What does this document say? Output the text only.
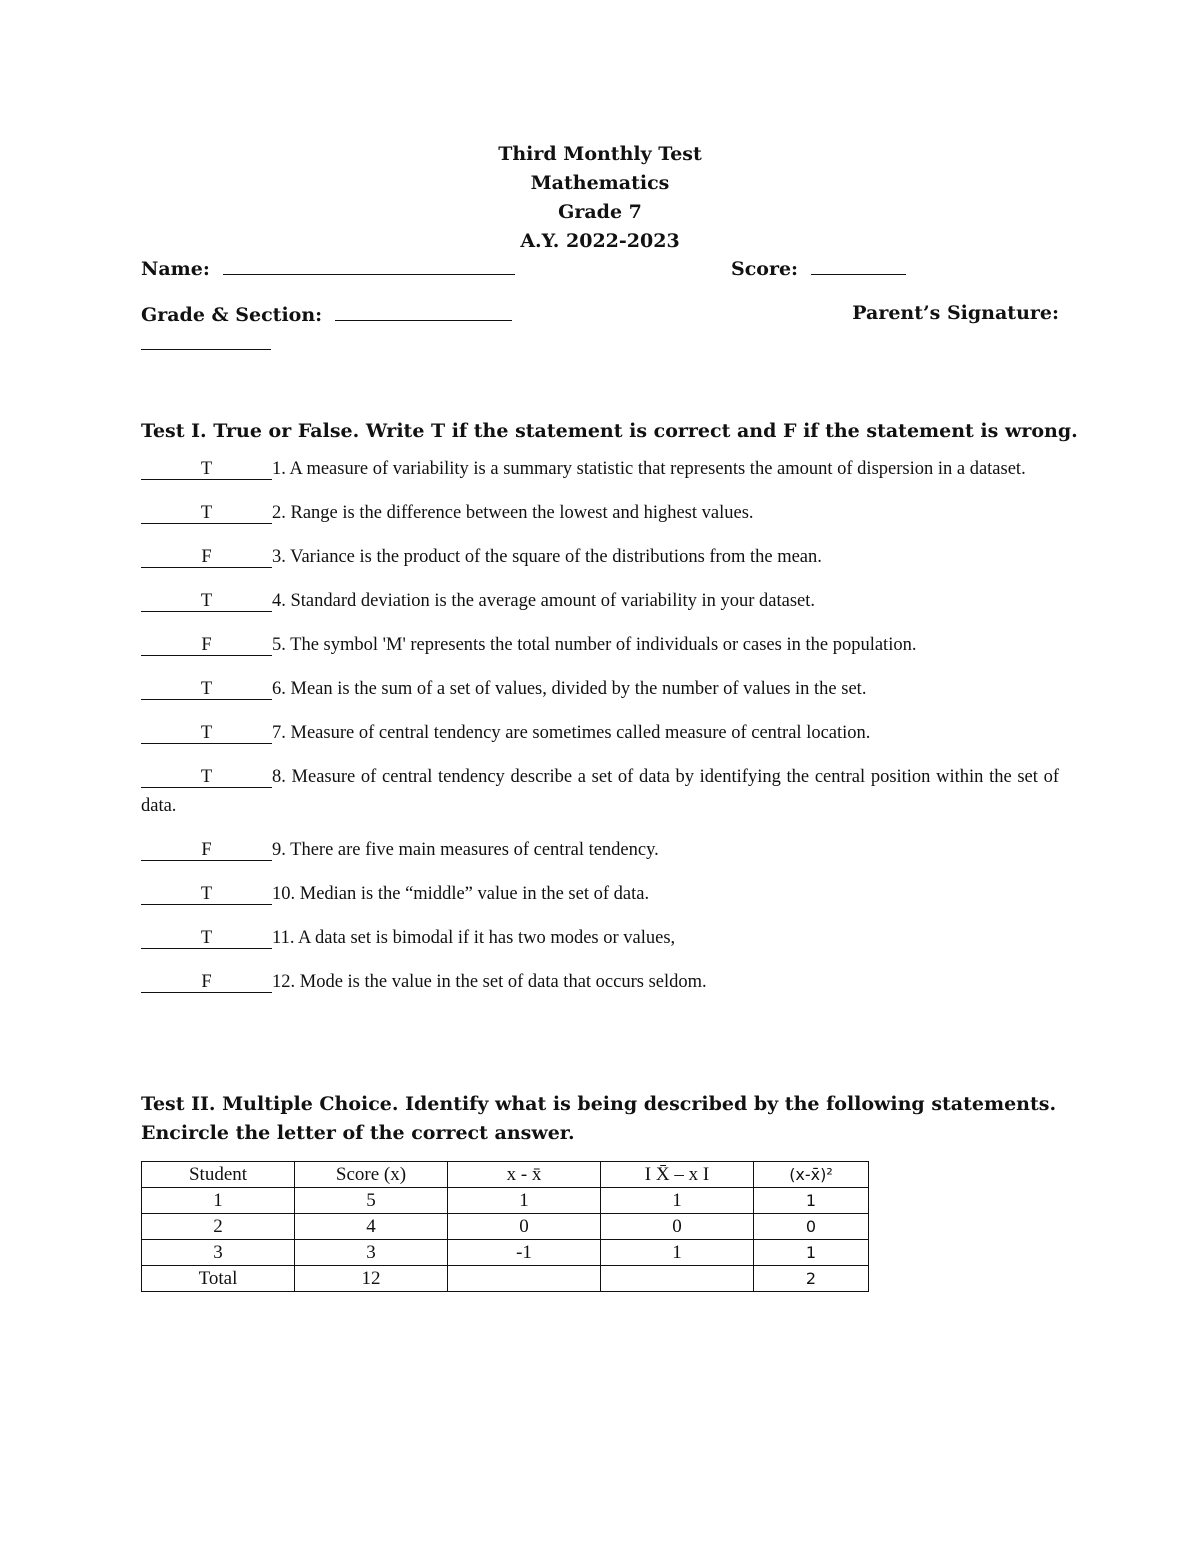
Third Monthly Test
Mathematics
Grade 7
A.Y. 2022-2023
Name:	Score:
Grade & Section:	Parent’s Signature:
Test I. True or False. Write T if the statement is correct and F if the statement is wrong.
T	1. A measure of variability is a summary statistic that represents the amount of dispersion in a dataset.
T	2. Range is the difference between the lowest and highest values.
F	3. Variance is the product of the square of the distributions from the mean.
T	4. Standard deviation is the average amount of variability in your dataset.
F	5. The symbol 'M' represents the total number of individuals or cases in the population.
T	6. Mean is the sum of a set of values, divided by the number of values in the set.
T	7. Measure of central tendency are sometimes called measure of central location.
T	8. Measure of central tendency describe a set of data by identifying the central position within the set of data.
F	9. There are five main measures of central tendency.
T	10. Median is the “middle” value in the set of data.
T	11. A data set is bimodal if it has two modes or values,
F	12. Mode is the value in the set of data that occurs seldom.
Test II. Multiple Choice. Identify what is being described by the following statements.
Encircle the letter of the correct answer.
Student	Score (x)	x - x̄	I X̄ – x I	(x-x̄)²
1	5	1	1	1
2	4	0	0	0
3	3	-1	1	1
Total	12			2
